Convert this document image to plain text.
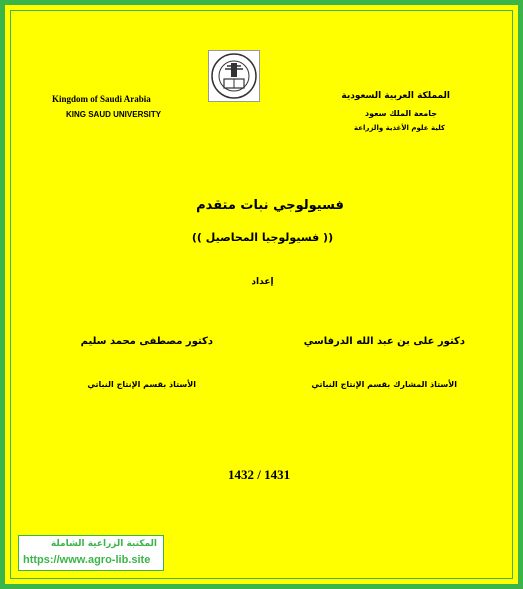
Kingdom of Saudi Arabia
KING SAUD UNIVERSITY
المملكة العربية السعودية
جامعة الملك سعود
كلية علوم الأغذية والزراعة
فسيولوجي نبات متقدم
(( فسيولوجيا المحاصيل ))
إعداد
دكتور على بن عبد الله الدرفاسي
دكتور مصطفى محمد سليم
الأستاذ المشارك بقسم الإنتاج النباتي
الأستاذ بقسم الإنتاج النباتي
1432 / 1431
المكتبة الزراعية الشاملة
https://www.agro-lib.site
